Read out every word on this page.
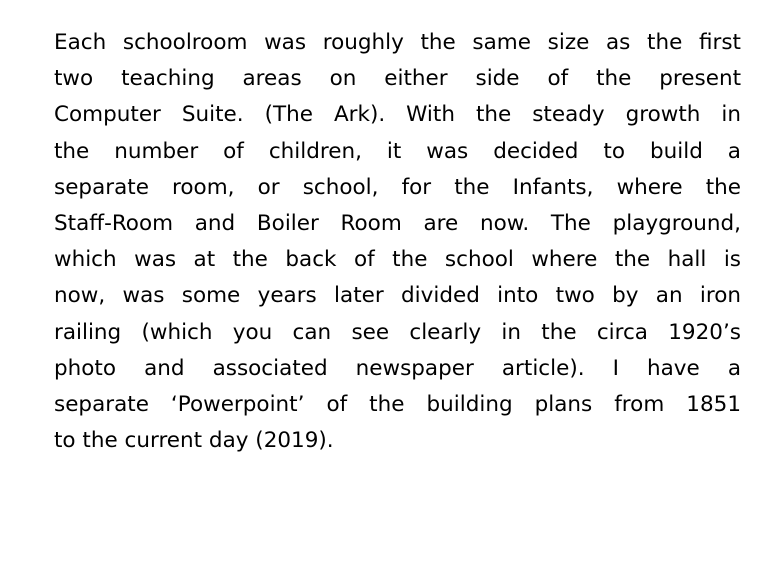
Each schoolroom was roughly the same size as the first
two teaching areas on either side of the present
Computer Suite. (The Ark). With the steady growth in
the number of children, it was decided to build a
separate room, or school, for the Infants, where the
Staff-Room and Boiler Room are now. The playground,
which was at the back of the school where the hall is
now, was some years later divided into two by an iron
railing (which you can see clearly in the circa 1920’s
photo and associated newspaper article). I have a
separate ‘Powerpoint’ of the building plans from 1851
to the current day (2019).
